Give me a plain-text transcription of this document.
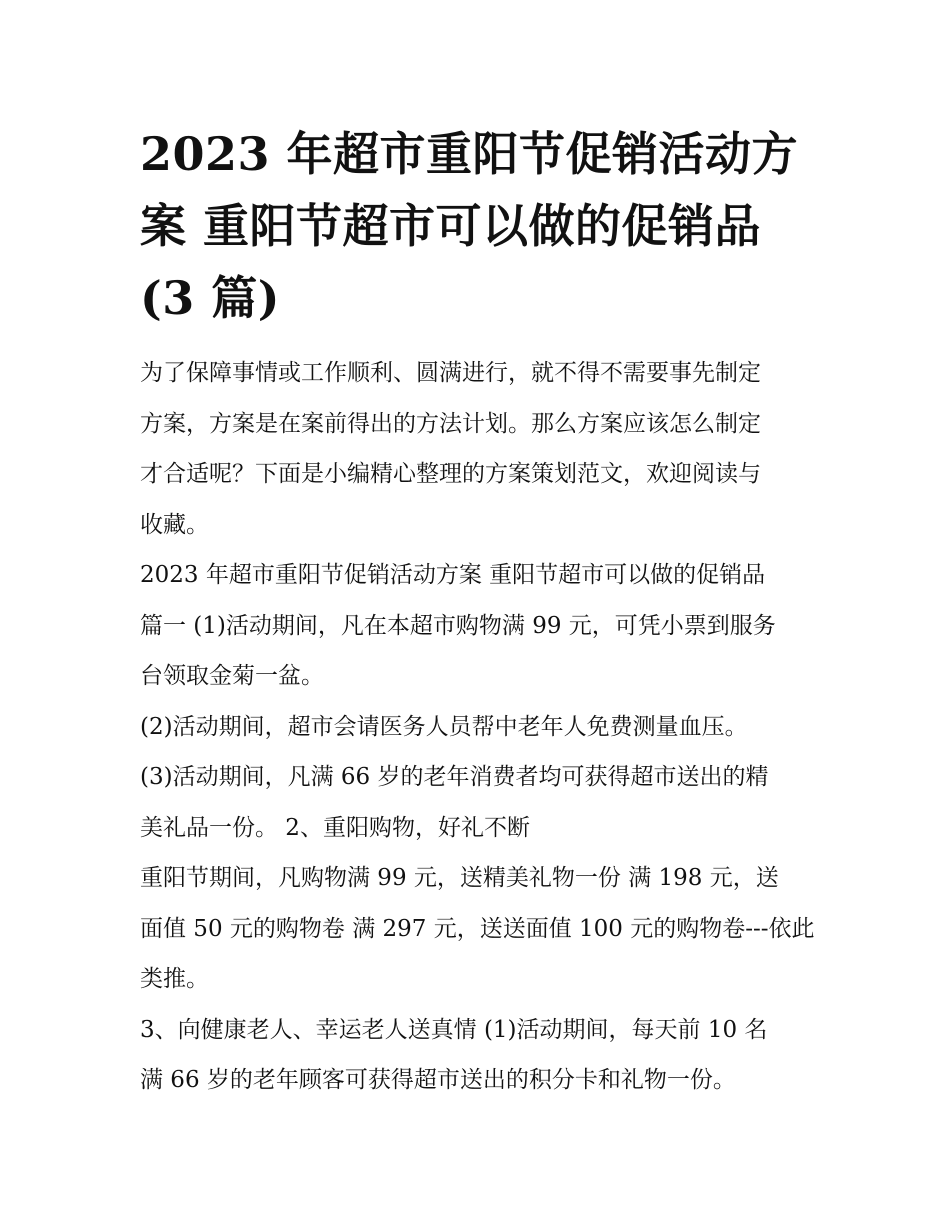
2023 年超市重阳节促销活动方
案 重阳节超市可以做的促销品
(3 篇)

为了保障事情或工作顺利、圆满进行，就不得不需要事先制定
方案，方案是在案前得出的方法计划。那么方案应该怎么制定
才合适呢？下面是小编精心整理的方案策划范文，欢迎阅读与
收藏。

2023 年超市重阳节促销活动方案 重阳节超市可以做的促销品
篇一 (1)活动期间，凡在本超市购物满 99 元，可凭小票到服务
台领取金菊一盆。

(2)活动期间，超市会请医务人员帮中老年人免费测量血压。

(3)活动期间，凡满 66 岁的老年消费者均可获得超市送出的精
美礼品一份。 2、重阳购物，好礼不断

重阳节期间，凡购物满 99 元，送精美礼物一份 满 198 元，送
面值 50 元的购物卷 满 297 元，送送面值 100 元的购物卷---依此
类推。

3、向健康老人、幸运老人送真情 (1)活动期间，每天前 10 名
满 66 岁的老年顾客可获得超市送出的积分卡和礼物一份。
